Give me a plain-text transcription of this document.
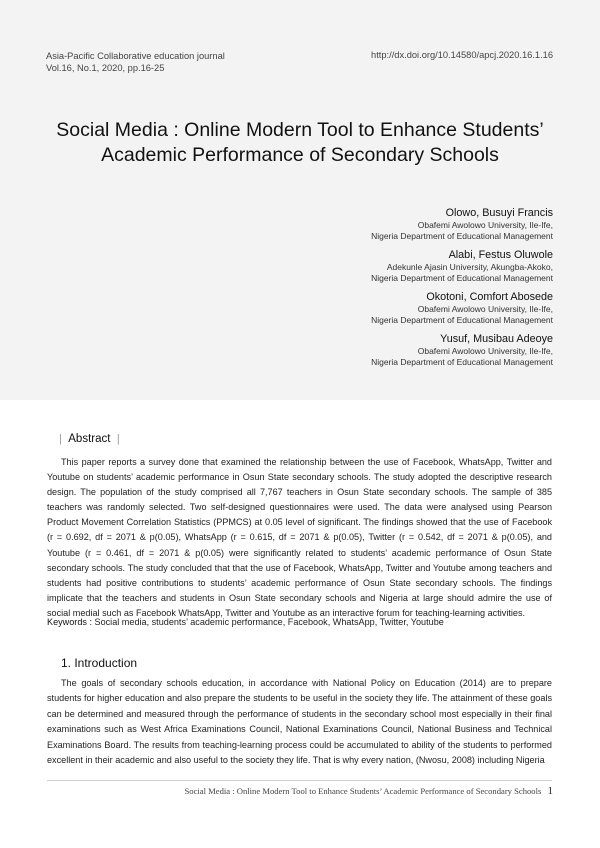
Asia-Pacific Collaborative education journal
Vol.16, No.1, 2020, pp.16-25
http://dx.doi.org/10.14580/apcj.2020.16.1.16
Social Media : Online Modern Tool to Enhance Students’
Academic Performance of Secondary Schools
Olowo, Busuyi Francis
Obafemi Awolowo University, Ile-Ife,
Nigeria Department of Educational Management
Alabi, Festus Oluwole
Adekunle Ajasin University, Akungba-Akoko,
Nigeria Department of Educational Management
Okotoni, Comfort Abosede
Obafemi Awolowo University, Ile-Ife,
Nigeria Department of Educational Management
Yusuf, Musibau Adeoye
Obafemi Awolowo University, Ile-Ife,
Nigeria Department of Educational Management
| Abstract |

This paper reports a survey done that examined the relationship between the use of Facebook, WhatsApp, Twitter and Youtube on students’ academic performance in Osun State secondary schools. The study adopted the descriptive research design. The population of the study comprised all 7,767 teachers in Osun State secondary schools. The sample of 385 teachers was randomly selected. Two self-designed questionnaires were used. The data were analysed using Pearson Product Movement Correlation Statistics (PPMCS) at 0.05 level of significant. The findings showed that the use of Facebook (r = 0.692, df = 2071 & p(0.05), WhatsApp (r = 0.615, df = 2071 & p(0.05), Twitter (r = 0.542, df = 2071 & p(0.05), and Youtube (r = 0.461, df = 2071 & p(0.05) were significantly related to students’ academic performance of Osun State secondary schools. The study concluded that that the use of Facebook, WhatsApp, Twitter and Youtube among teachers and students had positive contributions to students’ academic performance of Osun State secondary schools. The findings implicate that the teachers and students in Osun State secondary schools and Nigeria at large should admire the use of social medial such as Facebook WhatsApp, Twitter and Youtube as an interactive forum for teaching-learning activities.

Keywords : Social media, students’ academic performance, Facebook, WhatsApp, Twitter, Youtube
1. Introduction

The goals of secondary schools education, in accordance with National Policy on Education (2014) are to prepare students for higher education and also prepare the students to be useful in the society they life. The attainment of these goals can be determined and measured through the performance of students in the secondary school most especially in their final examinations such as West Africa Examinations Council, National Examinations Council, National Business and Technical Examinations Board. The results from teaching-learning process could be accumulated to ability of the students to performed excellent in their academic and also useful to the society they life. That is why every nation, (Nwosu, 2008) including Nigeria

Social Media : Online Modern Tool to Enhance Students’ Academic Performance of Secondary Schools 1
